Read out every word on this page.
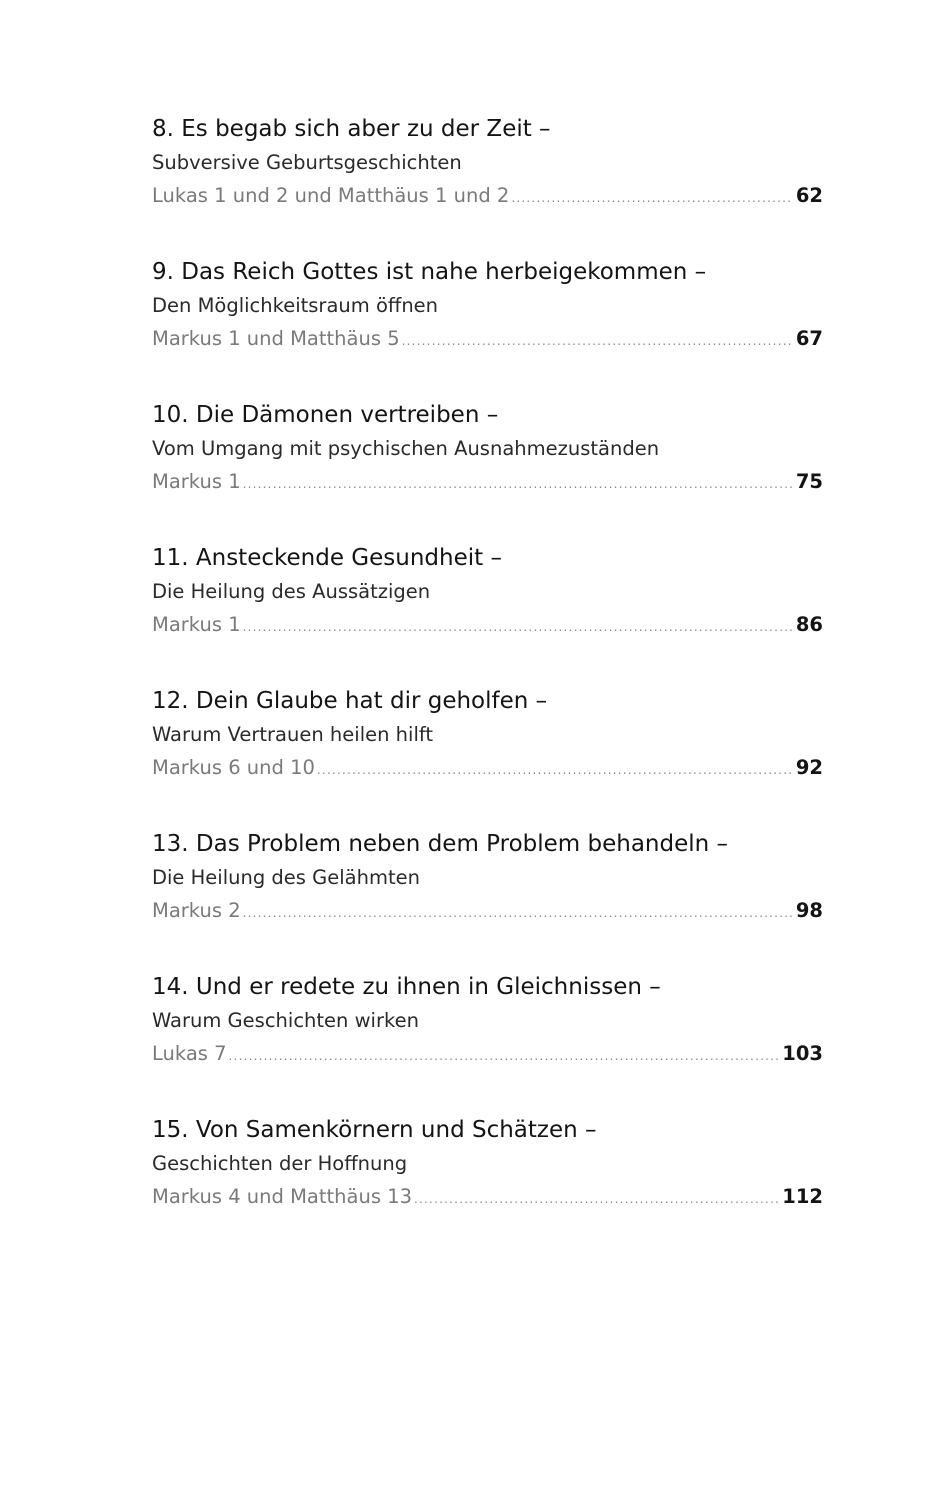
8. Es begab sich aber zu der Zeit –
Subversive Geburtsgeschichten
Lukas 1 und 2 und Matthäus 1 und 2 .....	62
9. Das Reich Gottes ist nahe herbeigekommen –
Den Möglichkeitsraum öffnen
Markus 1 und Matthäus 5 .....	67
10. Die Dämonen vertreiben –
Vom Umgang mit psychischen Ausnahmezuständen
Markus 1 .....	75
11. Ansteckende Gesundheit –
Die Heilung des Aussätzigen
Markus 1 .....	86
12. Dein Glaube hat dir geholfen –
Warum Vertrauen heilen hilft
Markus 6 und 10 .....	92
13. Das Problem neben dem Problem behandeln –
Die Heilung des Gelähmten
Markus 2 .....	98
14. Und er redete zu ihnen in Gleichnissen –
Warum Geschichten wirken
Lukas 7 .....	103
15. Von Samenkörnern und Schätzen –
Geschichten der Hoffnung
Markus 4 und Matthäus 13 .....	112
